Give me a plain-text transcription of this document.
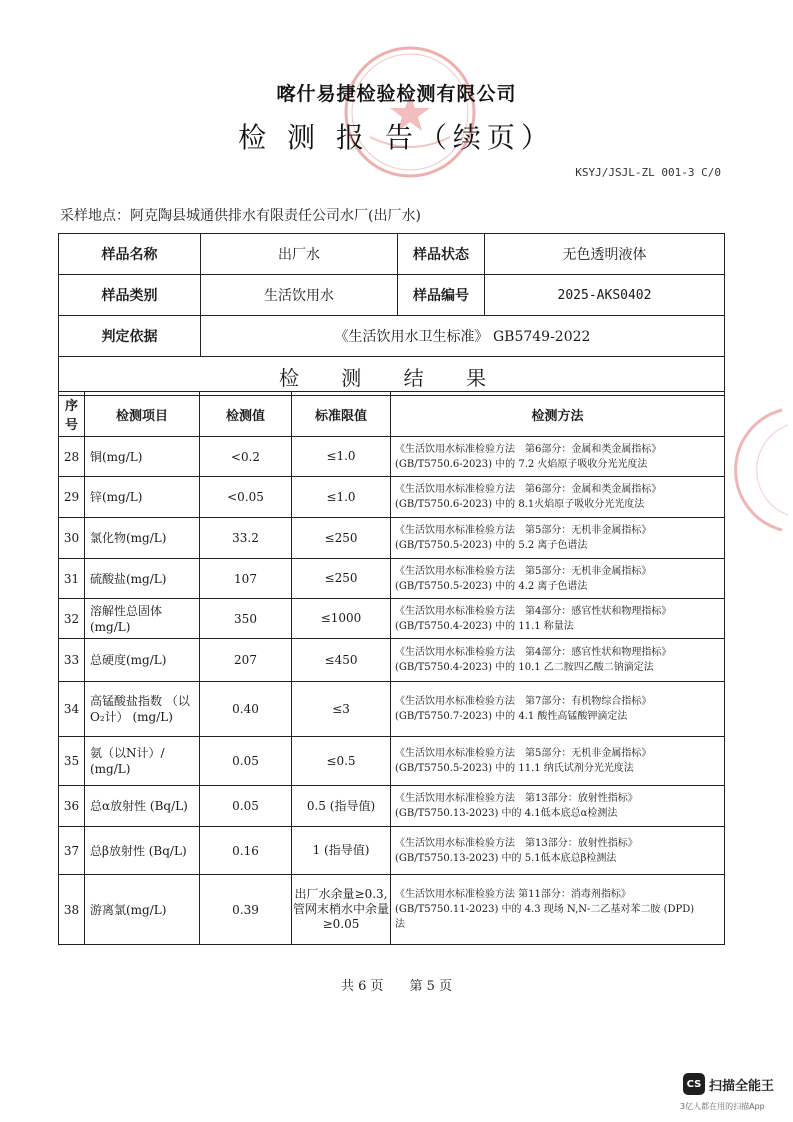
喀什易捷检验检测有限公司
检 测 报 告（续页）
KSYJ/JSJL-ZL 001-3 C/0
采样地点：阿克陶县城通供排水有限责任公司水厂(出厂水)
样品名称	出厂水	样品状态	无色透明液体
样品类别	生活饮用水	样品编号	2025-AKS0402
判定依据	《生活饮用水卫生标准》 GB5749-2022		
检 测 结 果			
序号	检测项目	检测值	标准限值	检测方法
28	铜(mg/L)	<0.2	≤1.0	《生活饮用水标准检验方法　第6部分：金属和类金属指标》
(GB/T5750.6-2023) 中的 7.2 火焰原子吸收分光光度法
29	锌(mg/L)	<0.05	≤1.0	《生活饮用水标准检验方法　第6部分：金属和类金属指标》
(GB/T5750.6-2023) 中的 8.1火焰原子吸收分光光度法
30	氯化物(mg/L)	33.2	≤250	《生活饮用水标准检验方法　第5部分：无机非金属指标》
(GB/T5750.5-2023) 中的 5.2 离子色谱法
31	硫酸盐(mg/L)	107	≤250	《生活饮用水标准检验方法　第5部分：无机非金属指标》
(GB/T5750.5-2023) 中的 4.2 离子色谱法
32	溶解性总固体 (mg/L)	350	≤1000	《生活饮用水标准检验方法　第4部分：感官性状和物理指标》
(GB/T5750.4-2023) 中的 11.1 称量法
33	总硬度(mg/L)	207	≤450	《生活饮用水标准检验方法　第4部分：感官性状和物理指标》
(GB/T5750.4-2023) 中的 10.1 乙二胺四乙酸二钠滴定法
34	高锰酸盐指数 （以O₂计） (mg/L)	0.40	≤3	《生活饮用水标准检验方法　第7部分：有机物综合指标》
(GB/T5750.7-2023) 中的 4.1 酸性高锰酸钾滴定法
35	氨（以N计）/ (mg/L)	0.05	≤0.5	《生活饮用水标准检验方法　第5部分：无机非金属指标》
(GB/T5750.5-2023) 中的 11.1 纳氏试剂分光光度法
36	总α放射性 (Bq/L)	0.05	0.5 (指导值)	《生活饮用水标准检验方法　第13部分：放射性指标》
(GB/T5750.13-2023) 中的 4.1低本底总α检测法
37	总β放射性 (Bq/L)	0.16	1 (指导值)	《生活饮用水标准检验方法　第13部分：放射性指标》
(GB/T5750.13-2023) 中的 5.1低本底总β检测法
38	游离氯(mg/L)	0.39	出厂水余量≥0.3, 管网末梢水中余量 ≥0.05	《生活饮用水标准检验方法 第11部分：消毒剂指标》
(GB/T5750.11-2023) 中的 4.3 现场 N,N-二乙基对苯二胺 (DPD)
法
共 6 页　　第 5 页
CS 扫描全能王
3亿人都在用的扫描App
